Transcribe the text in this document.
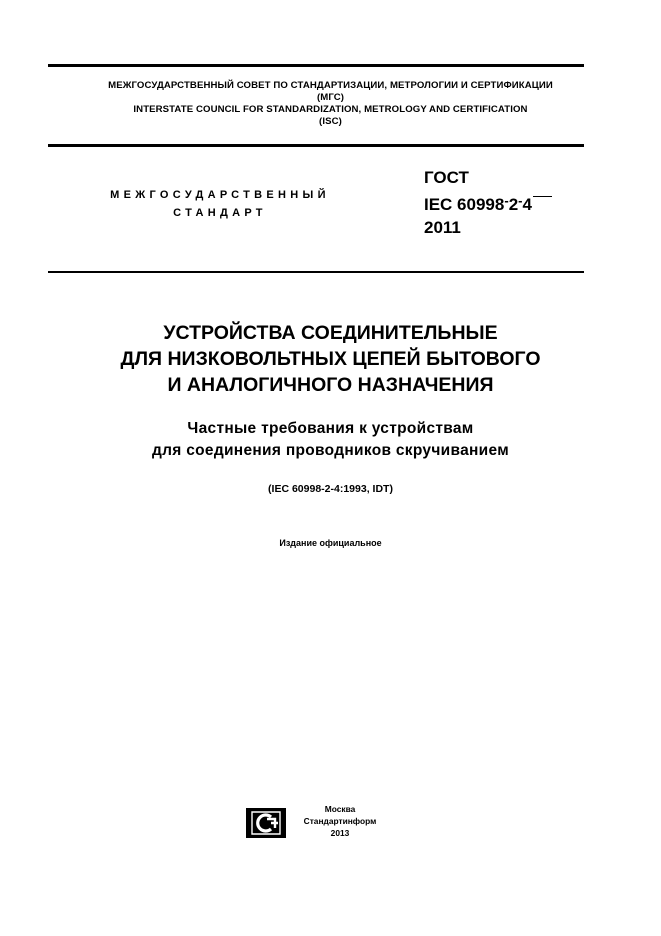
МЕЖГОСУДАРСТВЕННЫЙ СОВЕТ ПО СТАНДАРТИЗАЦИИ, МЕТРОЛОГИИ И СЕРТИФИКАЦИИ
(МГС)
INTERSTATE COUNCIL FOR STANDARDIZATION, METROLOGY AND CERTIFICATION
(ISC)
МЕЖГОСУДАРСТВЕННЫЙ
СТАНДАРТ
ГОСТ
IEC 60998-2-4
2011
УСТРОЙСТВА СОЕДИНИТЕЛЬНЫЕ
ДЛЯ НИЗКОВОЛЬТНЫХ ЦЕПЕЙ БЫТОВОГО
И АНАЛОГИЧНОГО НАЗНАЧЕНИЯ
Частные требования к устройствам
для соединения проводников скручиванием
(IEC 60998-2-4:1993, IDT)
Издание официальное
Москва
Стандартинформ
2013
